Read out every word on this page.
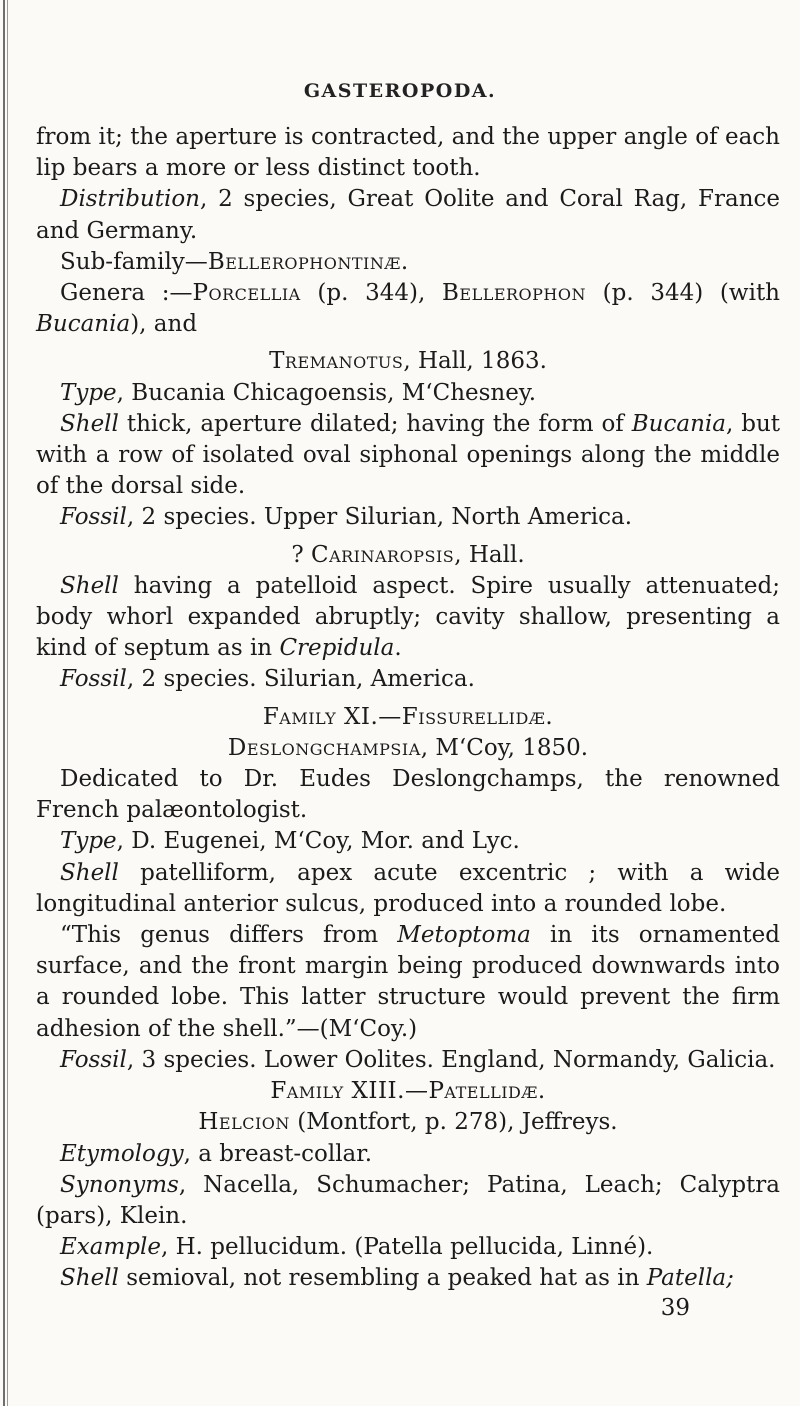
GASTEROPODA.

from it; the aperture is contracted, and the upper angle of each lip bears a more or less distinct tooth.

Distribution, 2 species, Great Oolite and Coral Rag, France and Germany.

Sub-family—Bellerophontinæ.

Genera :—Porcellia (p. 344), Bellerophon (p. 344) (with Bucania), and

Tremanotus, Hall, 1863.

Type, Bucania Chicagoensis, M‘Chesney.

Shell thick, aperture dilated; having the form of Bucania, but with a row of isolated oval siphonal openings along the middle of the dorsal side.

Fossil, 2 species. Upper Silurian, North America.

? Carinaropsis, Hall.

Shell having a patelloid aspect. Spire usually attenuated; body whorl expanded abruptly; cavity shallow, presenting a kind of septum as in Crepidula.

Fossil, 2 species. Silurian, America.

Family XI.—Fissurellidæ.

Deslongchampsia, M‘Coy, 1850.

Dedicated to Dr. Eudes Deslongchamps, the renowned French palæontologist.

Type, D. Eugenei, M‘Coy, Mor. and Lyc.

Shell patelliform, apex acute excentric ; with a wide longitudinal anterior sulcus, produced into a rounded lobe.

“This genus differs from Metoptoma in its ornamented surface, and the front margin being produced downwards into a rounded lobe. This latter structure would prevent the firm adhesion of the shell.”—(M‘Coy.)

Fossil, 3 species. Lower Oolites. England, Normandy, Galicia.

Family XIII.—Patellidæ.

Helcion (Montfort, p. 278), Jeffreys.

Etymology, a breast-collar.

Synonyms, Nacella, Schumacher; Patina, Leach; Calyptra (pars), Klein.

Example, H. pellucidum. (Patella pellucida, Linné).

Shell semioval, not resembling a peaked hat as in Patella;

39
